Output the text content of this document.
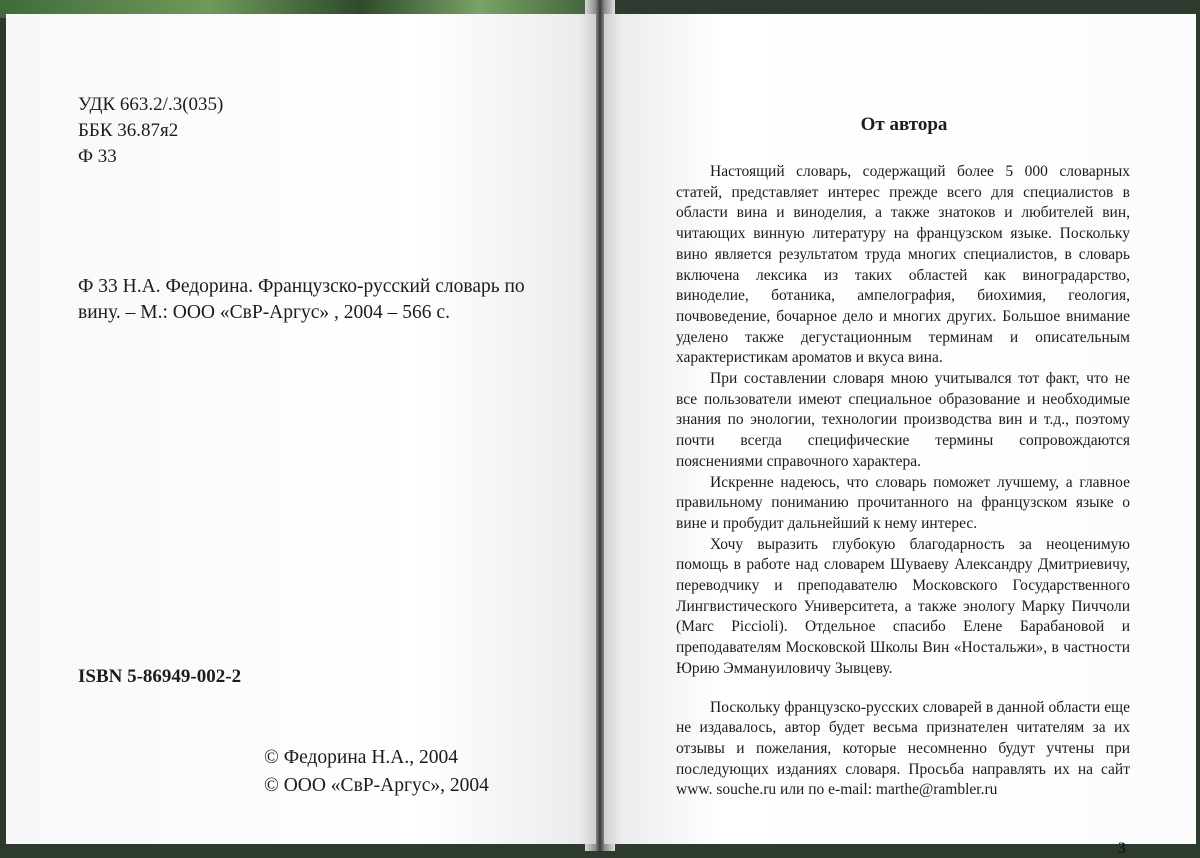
УДК 663.2/.3(035)
ББК 36.87я2
Ф 33
Ф 33 Н.А. Федорина. Французско-русский словарь по вину. – М.: ООО «СвР-Аргус» , 2004 – 566 с.
ISBN 5-86949-002-2
© Федорина Н.А., 2004
© ООО «СвР-Аргус», 2004
От автора

Настоящий словарь, содержащий более 5 000 словарных статей, представляет интерес прежде всего для специалистов в области вина и виноделия, а также знатоков и любителей вин, читающих винную литературу на французском языке. Поскольку вино является результатом труда многих специалистов, в словарь включена лексика из таких областей как виноградарство, виноделие, ботаника, ампелография, биохимия, геология, почвоведение, бочарное дело и многих других. Большое внимание уделено также дегустационным терминам и описательным характеристикам ароматов и вкуса вина.

При составлении словаря мною учитывался тот факт, что не все пользователи имеют специальное образование и необходимые знания по энологии, технологии производства вин и т.д., поэтому почти всегда специфические термины сопровождаются пояснениями справочного характера.

Искренне надеюсь, что словарь поможет лучшему, а главное правильному пониманию прочитанного на французском языке о вине и пробудит дальнейший к нему интерес.

Хочу выразить глубокую благодарность за неоценимую помощь в работе над словарем Шуваеву Александру Дмитриевичу, переводчику и преподавателю Московского Государственного Лингвистического Университета, а также энологу Марку Пиччоли (Marc Piccioli). Отдельное спасибо Елене Барабановой и преподавателям Московской Школы Вин «Ностальжи», в частности Юрию Эммануиловичу Зывцеву.

Поскольку французско-русских словарей в данной области еще не издавалось, автор будет весьма признателен читателям за их отзывы и пожелания, которые несомненно будут учтены при последующих изданиях словаря. Просьба направлять их на сайт www. souche.ru или по e-mail: marthe@rambler.ru

3
